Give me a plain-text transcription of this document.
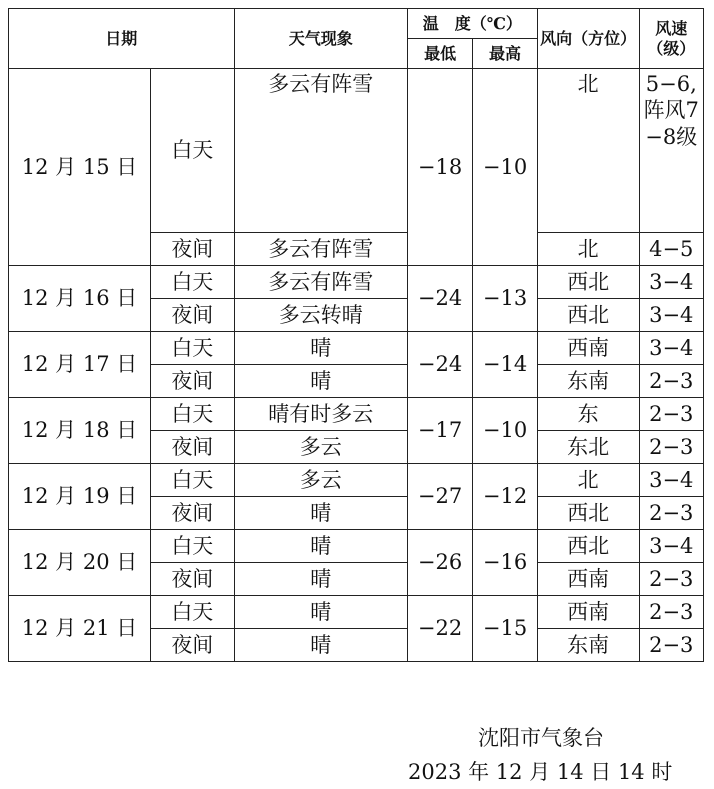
日期		天气现象	温　度（℃）		风向（方位）	风速（级）
			最低	最高		
12 月 15 日	白天	多云有阵雪	−18	−10	北	5−6,阵风7−8级
	夜间	多云有阵雪			北	4−5
12 月 16 日	白天	多云有阵雪	−24	−13	西北	3−4
	夜间	多云转晴			西北	3−4
12 月 17 日	白天	晴	−24	−14	西南	3−4
	夜间	晴			东南	2−3
12 月 18 日	白天	晴有时多云	−17	−10	东	2−3
	夜间	多云			东北	2−3
12 月 19 日	白天	多云	−27	−12	北	3−4
	夜间	晴			西北	2−3
12 月 20 日	白天	晴	−26	−16	西北	3−4
	夜间	晴			西南	2−3
12 月 21 日	白天	晴	−22	−15	西南	2−3
	夜间	晴			东南	2−3
沈阳市气象台
2023 年 12 月 14 日 14 时
